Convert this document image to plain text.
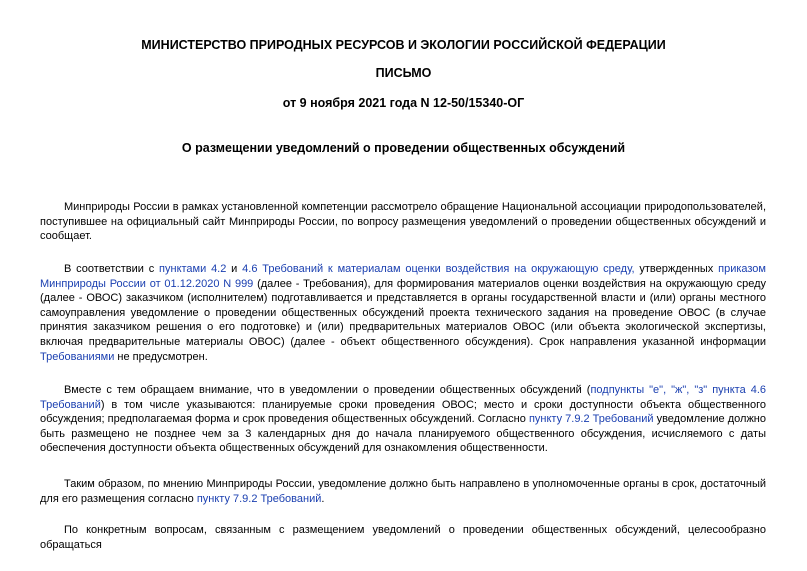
МИНИСТЕРСТВО ПРИРОДНЫХ РЕСУРСОВ И ЭКОЛОГИИ РОССИЙСКОЙ ФЕДЕРАЦИИ
ПИСЬМО
от 9 ноября 2021 года N 12-50/15340-ОГ
О размещении уведомлений о проведении общественных обсуждений

Минприроды России в рамках установленной компетенции рассмотрело обращение Национальной ассоциации природопользователей, поступившее на официальный сайт Минприроды России, по вопросу размещения уведомлений о проведении общественных обсуждений и сообщает.

В соответствии с пунктами 4.2 и 4.6 Требований к материалам оценки воздействия на окружающую среду, утвержденных приказом Минприроды России от 01.12.2020 N 999 (далее - Требования), для формирования материалов оценки воздействия на окружающую среду (далее - ОВОС) заказчиком (исполнителем) подготавливается и представляется в органы государственной власти и (или) органы местного самоуправления уведомление о проведении общественных обсуждений проекта технического задания на проведение ОВОС (в случае принятия заказчиком решения о его подготовке) и (или) предварительных материалов ОВОС (или объекта экологической экспертизы, включая предварительные материалы ОВОС) (далее - объект общественного обсуждения). Срок направления указанной информации Требованиями не предусмотрен.

Вместе с тем обращаем внимание, что в уведомлении о проведении общественных обсуждений (подпункты "е", "ж", "з" пункта 4.6 Требований) в том числе указываются: планируемые сроки проведения ОВОС; место и сроки доступности объекта общественного обсуждения; предполагаемая форма и срок проведения общественных обсуждений. Согласно пункту 7.9.2 Требований уведомление должно быть размещено не позднее чем за 3 календарных дня до начала планируемого общественного обсуждения, исчисляемого с даты обеспечения доступности объекта общественных обсуждений для ознакомления общественности.

Таким образом, по мнению Минприроды России, уведомление должно быть направлено в уполномоченные органы в срок, достаточный для его размещения согласно пункту 7.9.2 Требований.

По конкретным вопросам, связанным с размещением уведомлений о проведении общественных обсуждений, целесообразно обращаться
